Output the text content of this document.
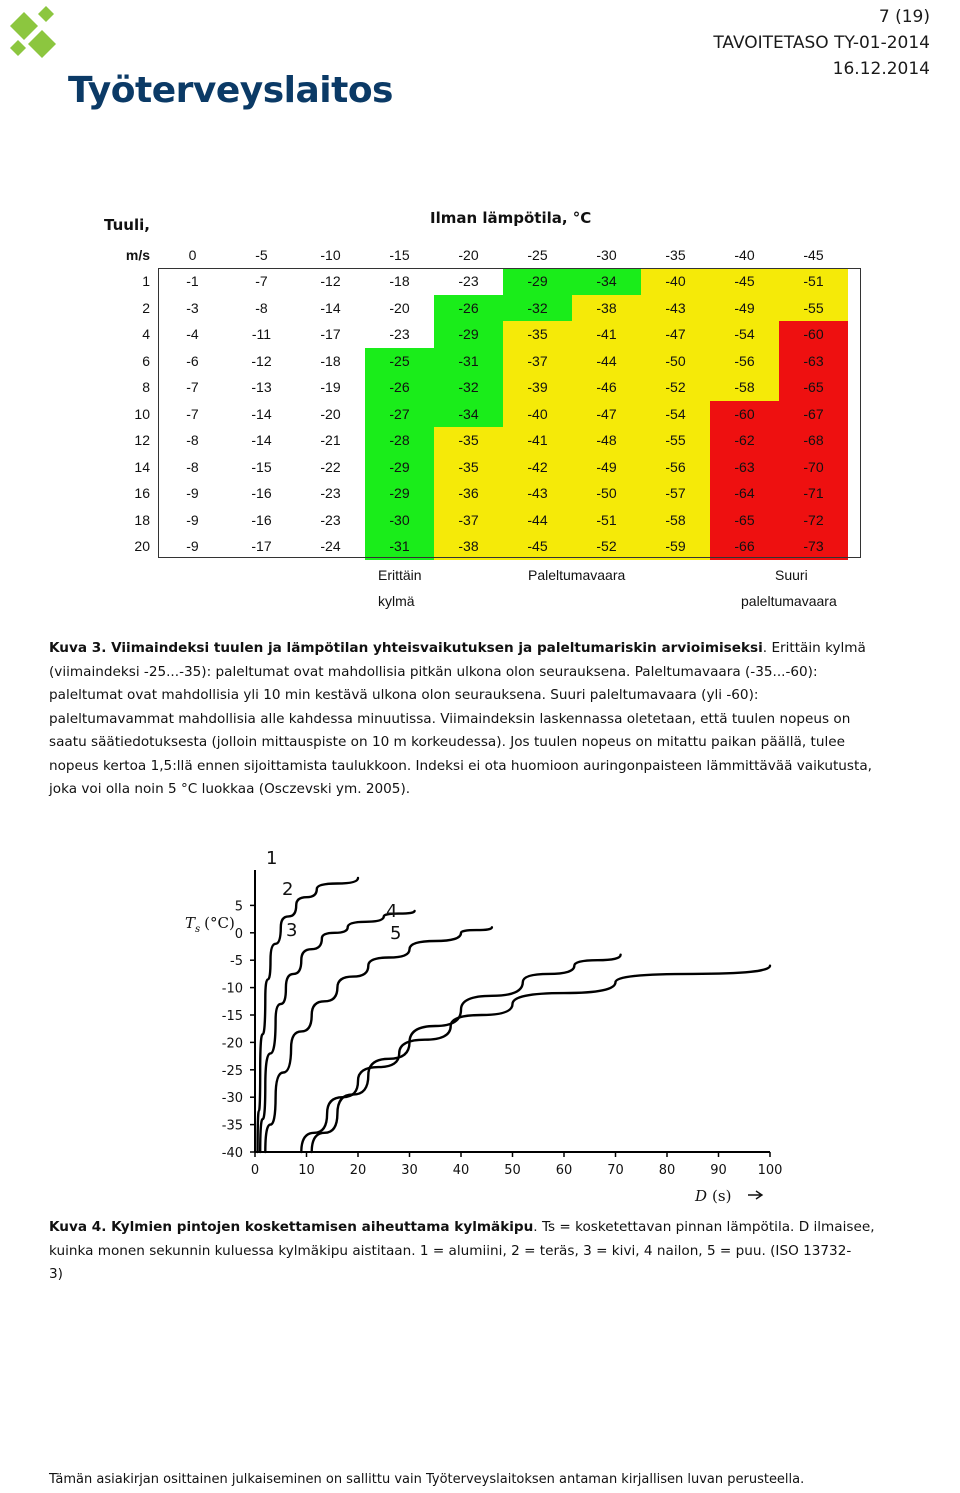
Työterveyslaitos
7 (19)
TAVOITETASO TY-01-2014
16.12.2014
Tuuli,	Ilman lämpötila, °C
m/s	0	-5	-10	-15	-20	-25	-30	-35	-40	-45
1	-1	-7	-12	-18	-23	-29	-34	-40	-45	-51
2	-3	-8	-14	-20	-26	-32	-38	-43	-49	-55
4	-4	-11	-17	-23	-29	-35	-41	-47	-54	-60
6	-6	-12	-18	-25	-31	-37	-44	-50	-56	-63
8	-7	-13	-19	-26	-32	-39	-46	-52	-58	-65
10	-7	-14	-20	-27	-34	-40	-47	-54	-60	-67
12	-8	-14	-21	-28	-35	-41	-48	-55	-62	-68
14	-8	-15	-22	-29	-35	-42	-49	-56	-63	-70
16	-9	-16	-23	-29	-36	-43	-50	-57	-64	-71
18	-9	-16	-23	-30	-37	-44	-51	-58	-65	-72
20	-9	-17	-24	-31	-38	-45	-52	-59	-66	-73
Erittäin
kylmä
Paleltumavaara	Suuri
paleltumavaara
Kuva 3. Viimaindeksi tuulen ja lämpötilan yhteisvaikutuksen ja paleltumariskin arvioimiseksi. Erittäin kylmä
(viimaindeksi -25...-35): paleltumat ovat mahdollisia pitkän ulkona olon seurauksena. Paleltumavaara (-35...-60):
paleltumat ovat mahdollisia yli 10 min kestävä ulkona olon seurauksena. Suuri paleltumavaara (yli -60):
paleltumavammat mahdollisia alle kahdessa minuutissa. Viimaindeksin laskennassa oletetaan, että tuulen nopeus on
saatu säätiedotuksesta (jolloin mittauspiste on 10 m korkeudessa). Jos tuulen nopeus on mitattu paikan päällä, tulee
nopeus kertoa 1,5:llä ennen sijoittamista taulukkoon. Indeksi ei ota huomioon auringonpaisteen lämmittävää vaikutusta,
joka voi olla noin 5 °C luokkaa (Osczevski ym. 2005).
5
0
-5
-10
-15
-20
-25
-30
-35
-40
0	10	20	30	40	50	60	70	80	90 100
$T_s$ (°C)
D (s)
1
2
3
4
5
Kuva 4. Kylmien pintojen koskettamisen aiheuttama kylmäkipu. Ts = kosketettavan pinnan lämpötila. D ilmaisee,
kuinka monen sekunnin kuluessa kylmäkipu aistitaan. 1 = alumiini, 2 = teräs, 3 = kivi, 4 nailon, 5 = puu. (ISO 13732-
3)
Tämän asiakirjan osittainen julkaiseminen on sallittu vain Työterveyslaitoksen antaman kirjallisen luvan perusteella.
